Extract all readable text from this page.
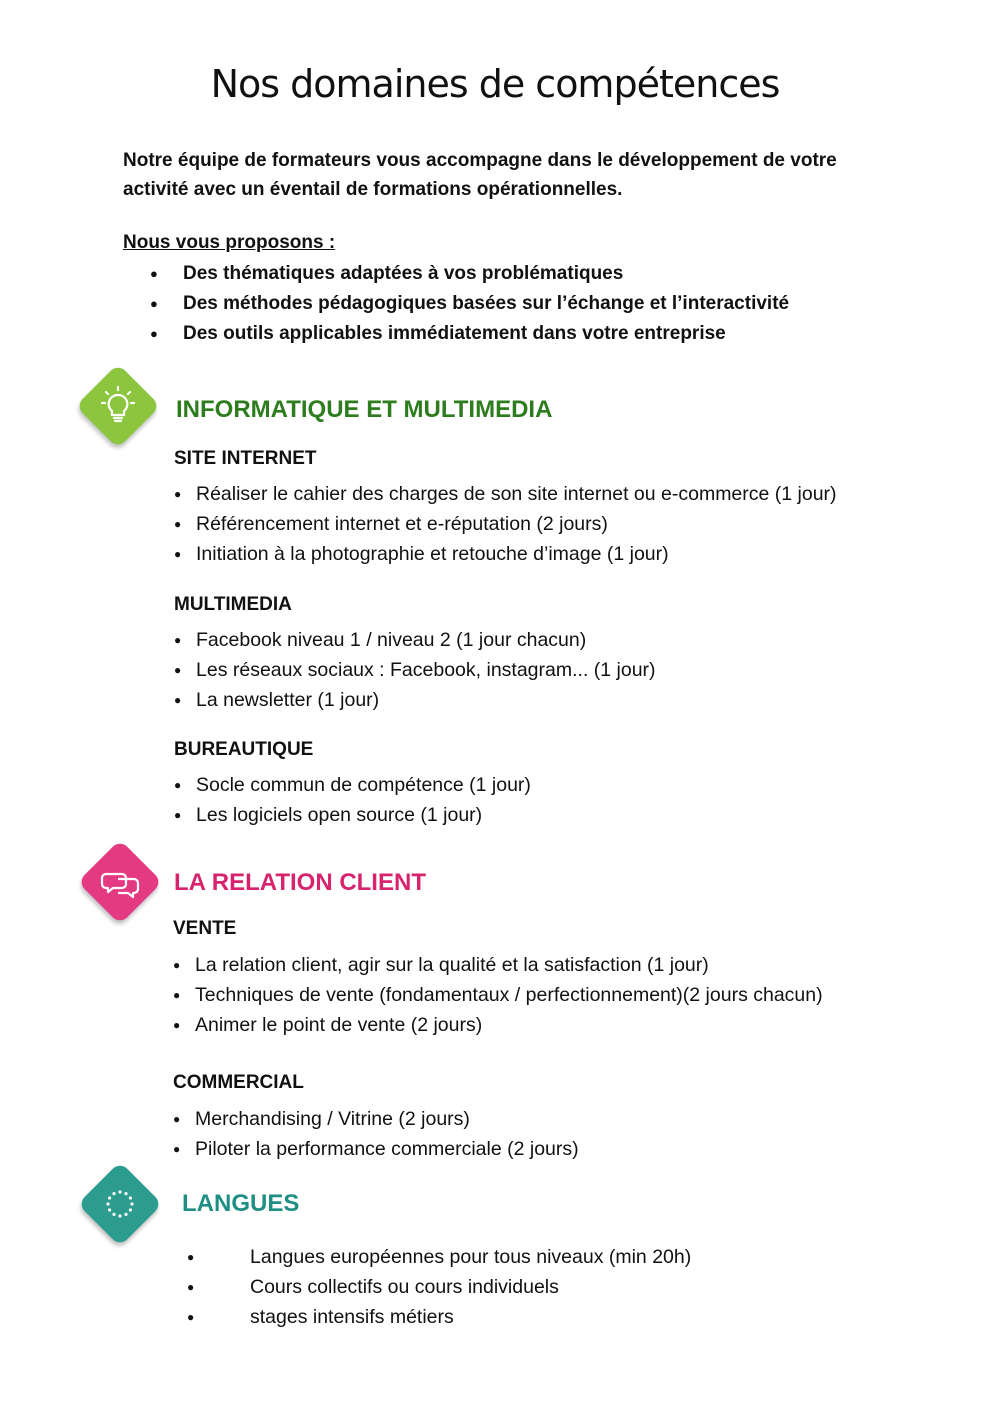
Nos domaines de compétences
Notre équipe de formateurs vous accompagne dans le développement de votre activité avec un éventail de formations opérationnelles.
Nous vous proposons :
● Des thématiques adaptées à vos problématiques
● Des méthodes pédagogiques basées sur l’échange et l’interactivité
● Des outils applicables immédiatement dans votre entreprise
INFORMATIQUE ET MULTIMEDIA
SITE INTERNET
● Réaliser le cahier des charges de son site internet ou e-commerce (1 jour)
● Référencement internet et e-réputation (2 jours)
● Initiation à la photographie et retouche d’image (1 jour)
MULTIMEDIA
● Facebook niveau 1 / niveau 2 (1 jour chacun)
● Les réseaux sociaux : Facebook, instagram... (1 jour)
● La newsletter (1 jour)
BUREAUTIQUE
● Socle commun de compétence (1 jour)
● Les logiciels open source (1 jour)
LA RELATION CLIENT
VENTE
● La relation client, agir sur la qualité et la satisfaction (1 jour)
● Techniques de vente (fondamentaux / perfectionnement)(2 jours chacun)
● Animer le point de vente (2 jours)
COMMERCIAL
● Merchandising / Vitrine (2 jours)
● Piloter la performance commerciale (2 jours)
LANGUES
● Langues européennes pour tous niveaux (min 20h)
● Cours collectifs ou cours individuels
● stages intensifs métiers
